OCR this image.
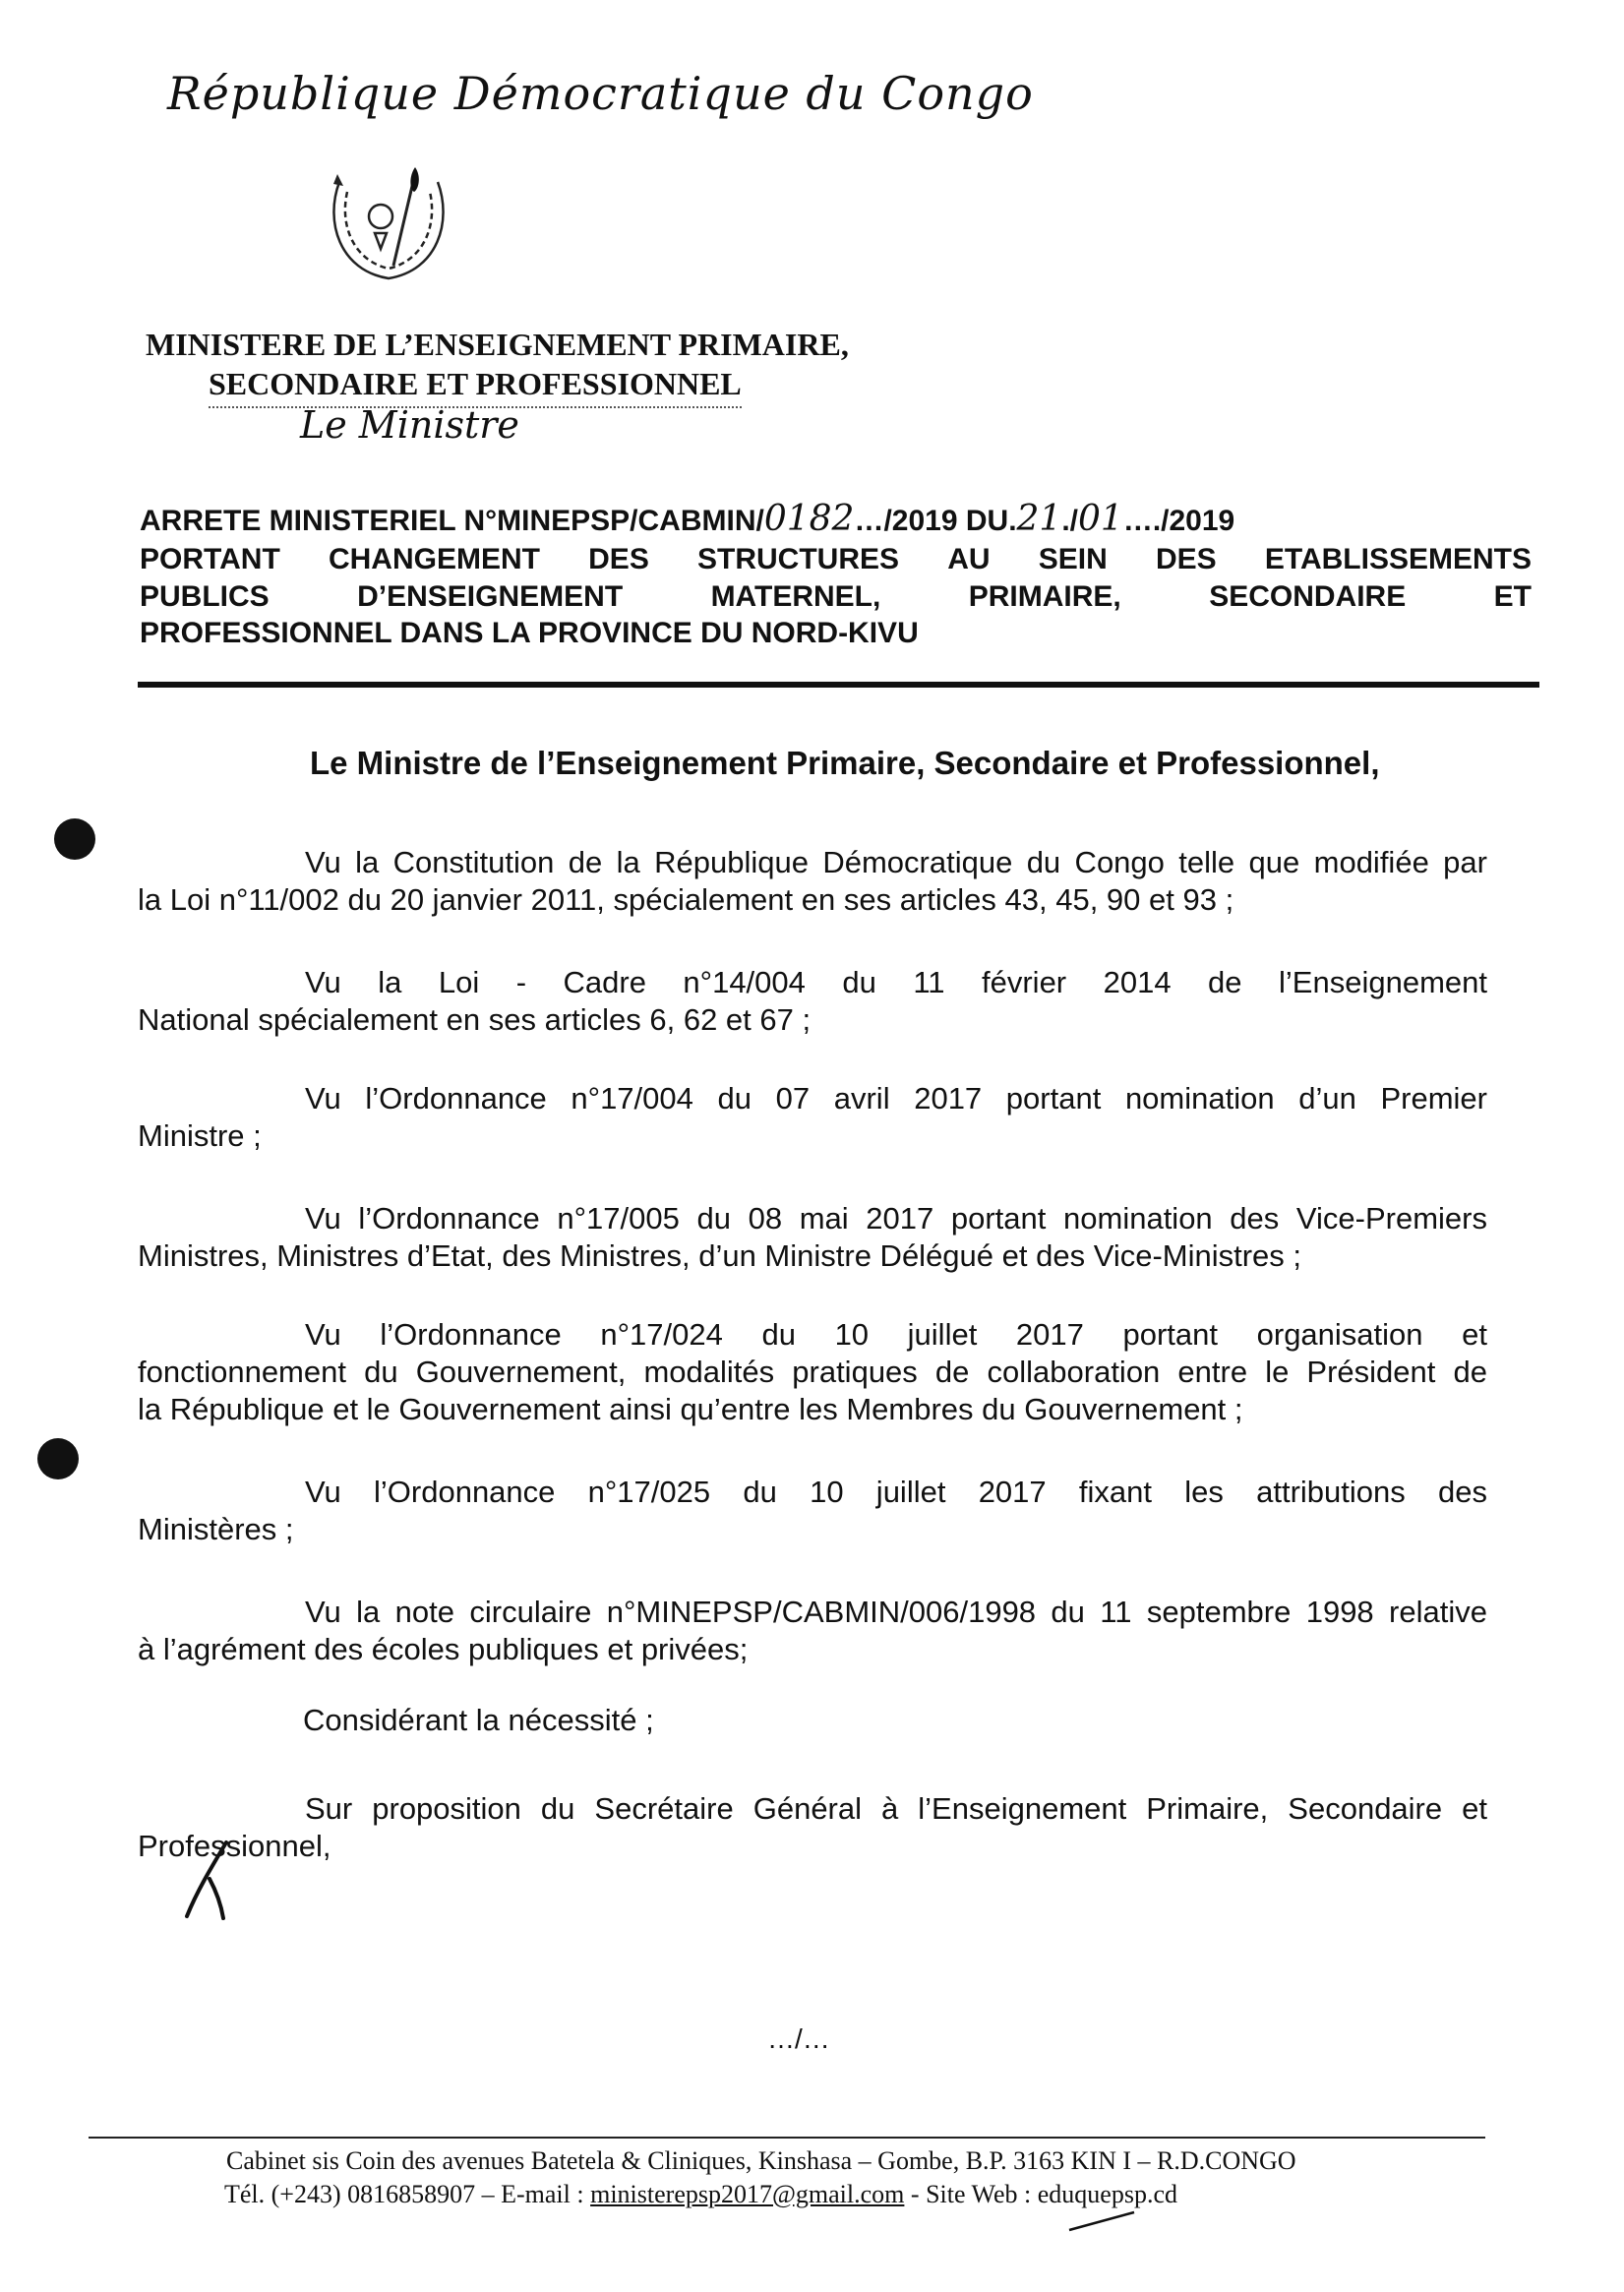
République Démocratique du Congo
MINISTERE DE L’ENSEIGNEMENT PRIMAIRE,
SECONDAIRE ET PROFESSIONNEL
Le Ministre
ARRETE MINISTERIEL N°MINEPSP/CABMIN/0182…/2019 DU.21./01…./2019
PORTANT CHANGEMENT DES STRUCTURES AU SEIN DES ETABLISSEMENTS
PUBLICS	D’ENSEIGNEMENT	MATERNEL,	PRIMAIRE,	SECONDAIRE	ET
PROFESSIONNEL DANS LA PROVINCE DU NORD-KIVU
Le Ministre de l’Enseignement Primaire, Secondaire et Professionnel,
Vu la Constitution de la République Démocratique du Congo telle que modifiée par
la Loi n°11/002 du 20 janvier 2011, spécialement en ses articles 43, 45, 90 et 93 ;
Vu la Loi - Cadre n°14/004 du 11 février 2014 de l’Enseignement
National spécialement en ses articles 6, 62 et 67 ;
Vu l’Ordonnance n°17/004 du 07 avril 2017 portant nomination d’un Premier
Ministre ;
Vu l’Ordonnance n°17/005 du 08 mai 2017 portant nomination des Vice-Premiers
Ministres, Ministres d’Etat, des Ministres, d’un Ministre Délégué et des Vice-Ministres ;
Vu l’Ordonnance n°17/024 du 10 juillet 2017 portant organisation et
fonctionnement du Gouvernement, modalités pratiques de collaboration entre le Président de
la République et le Gouvernement ainsi qu’entre les Membres du Gouvernement ;
Vu l’Ordonnance n°17/025 du 10 juillet 2017 fixant les attributions des
Ministères ;
Vu la note circulaire n°MINEPSP/CABMIN/006/1998 du 11 septembre 1998 relative
à l’agrément des écoles publiques et privées;
Considérant la nécessité ;
Sur proposition du Secrétaire Général à l’Enseignement Primaire, Secondaire et
Professionnel,
…/…
Cabinet sis Coin des avenues Batetela & Cliniques, Kinshasa – Gombe, B.P. 3163 KIN I – R.D.CONGO
Tél. (+243) 0816858907 – E-mail : ministerepsp2017@gmail.com - Site Web : eduquepsp.cd
